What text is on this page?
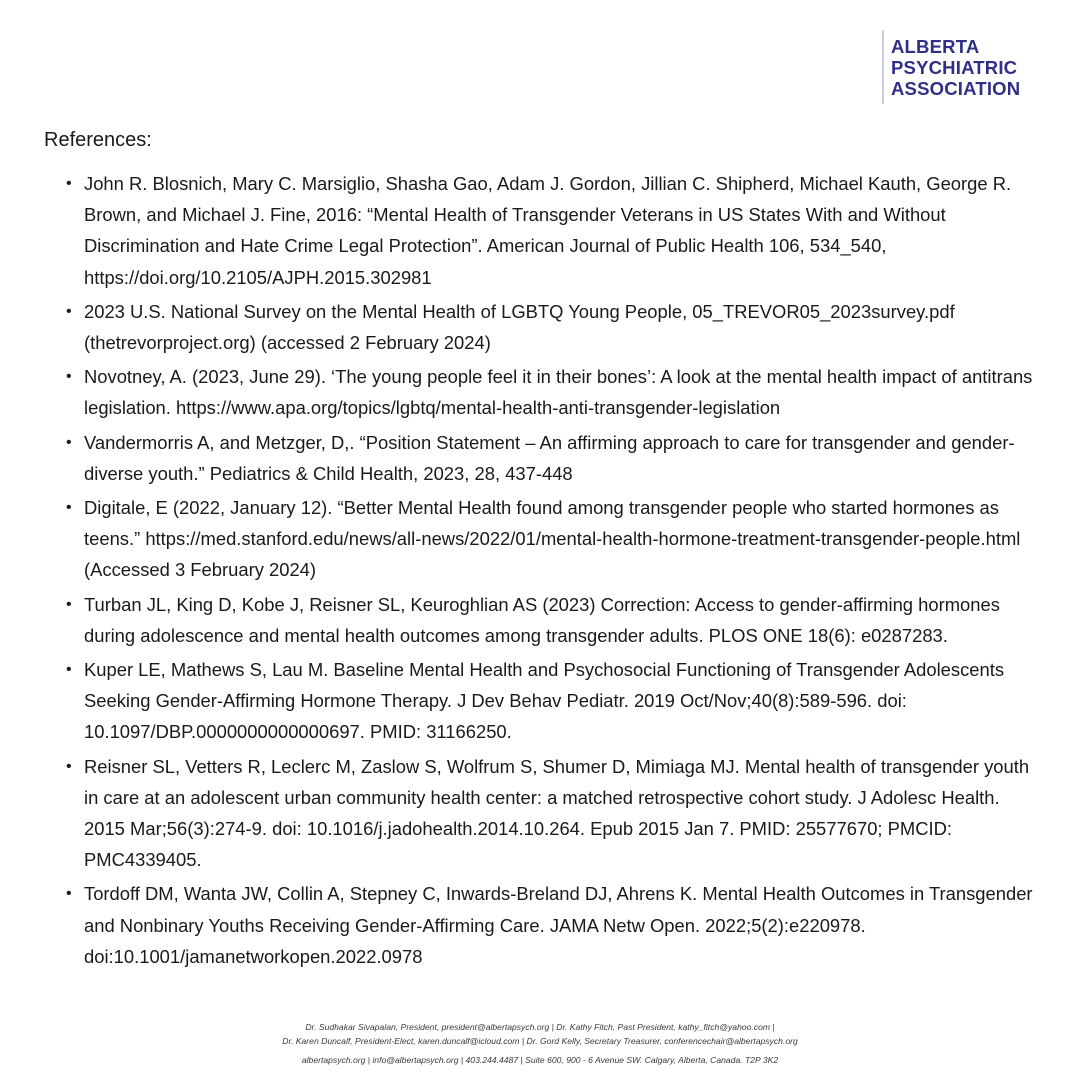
ALBERTA
PSYCHIATRIC
ASSOCIATION
References:
• John R. Blosnich, Mary C. Marsiglio, Shasha Gao, Adam J. Gordon, Jillian C. Shipherd, Michael Kauth, George R. Brown, and Michael J. Fine, 2016: “Mental Health of Transgender Veterans in US States With and Without Discrimination and Hate Crime Legal Protection”. American Journal of Public Health 106, 534_540, https://doi.org/10.2105/AJPH.2015.302981
• 2023 U.S. National Survey on the Mental Health of LGBTQ Young People, 05_TREVOR05_2023survey.pdf (thetrevorproject.org) (accessed 2 February 2024)
• Novotney, A. (2023, June 29). ‘The young people feel it in their bones’: A look at the mental health impact of antitrans legislation. https://www.apa.org/topics/lgbtq/mental-health-anti-transgender-legislation
• Vandermorris A, and Metzger, D,. “Position Statement – An affirming approach to care for transgender and gender-diverse youth.” Pediatrics & Child Health, 2023, 28, 437-448
• Digitale, E (2022, January 12). “Better Mental Health found among transgender people who started hormones as teens.” https://med.stanford.edu/news/all-news/2022/01/mental-health-hormone-treatment-transgender-people.html (Accessed 3 February 2024)
• Turban JL, King D, Kobe J, Reisner SL, Keuroghlian AS (2023) Correction: Access to gender-affirming hormones during adolescence and mental health outcomes among transgender adults. PLOS ONE 18(6): e0287283.
• Kuper LE, Mathews S, Lau M. Baseline Mental Health and Psychosocial Functioning of Transgender Adolescents Seeking Gender-Affirming Hormone Therapy. J Dev Behav Pediatr. 2019 Oct/Nov;40(8):589-596. doi: 10.1097/DBP.0000000000000697. PMID: 31166250.
• Reisner SL, Vetters R, Leclerc M, Zaslow S, Wolfrum S, Shumer D, Mimiaga MJ. Mental health of transgender youth in care at an adolescent urban community health center: a matched retrospective cohort study. J Adolesc Health. 2015 Mar;56(3):274-9. doi: 10.1016/j.jadohealth.2014.10.264. Epub 2015 Jan 7. PMID: 25577670; PMCID: PMC4339405.
• Tordoff DM, Wanta JW, Collin A, Stepney C, Inwards-Breland DJ, Ahrens K. Mental Health Outcomes in Transgender and Nonbinary Youths Receiving Gender-Affirming Care. JAMA Netw Open. 2022;5(2):e220978. doi:10.1001/jamanetworkopen.2022.0978
Dr. Sudhakar Sivapalan, President, president@albertapsych.org | Dr. Kathy Fitch, Past President, kathy_fitch@yahoo.com |
Dr. Karen Duncalf, President-Elect, karen.duncalf@icloud.com | Dr. Gord Kelly, Secretary Treasurer, conferencechair@albertapsych.org
albertapsych.org | info@albertapsych.org | 403.244.4487 | Suite 600, 900 - 6 Avenue SW. Calgary, Alberta, Canada. T2P 3K2
